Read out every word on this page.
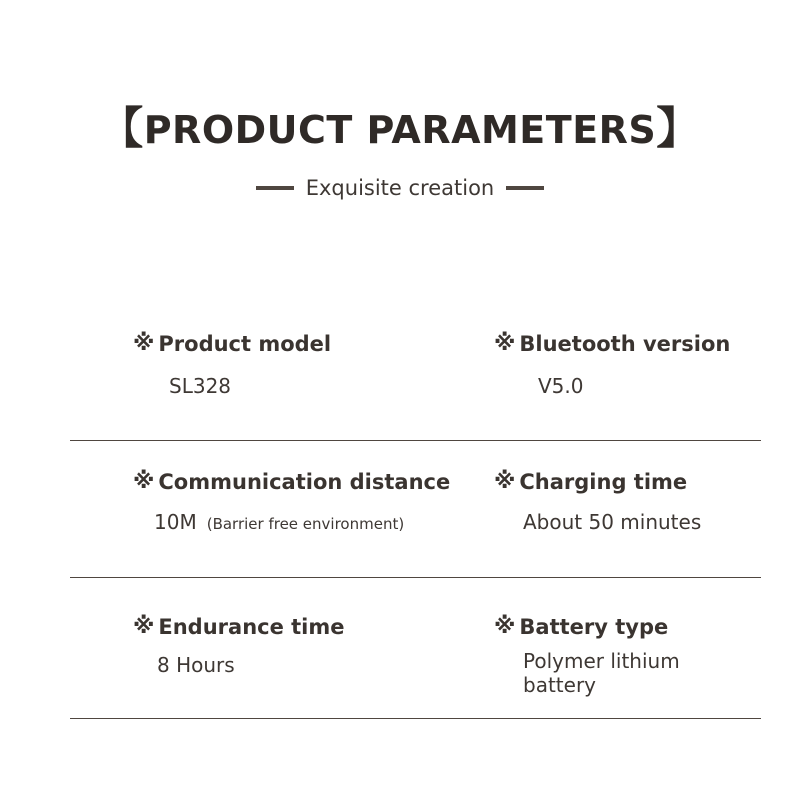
【PRODUCT PARAMETERS】
Exquisite creation
※ Product model
SL328
※ Bluetooth version
V5.0
※ Communication distance
10M (Barrier free environment)
※ Charging time
About 50 minutes
※ Endurance time
8 Hours
※ Battery type
Polymer lithium battery
